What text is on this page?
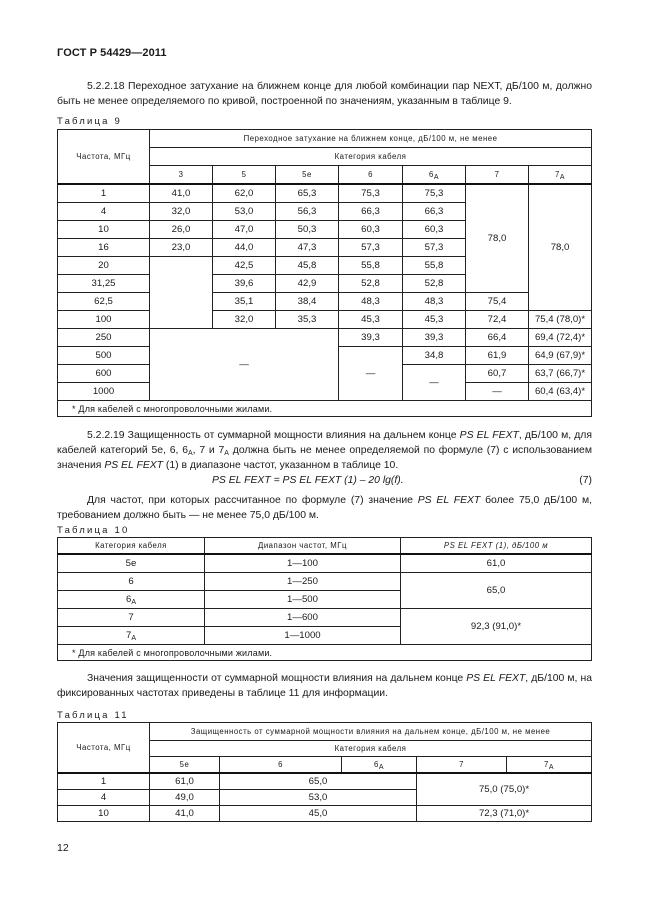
ГОСТ Р 54429—2011

5.2.2.18 Переходное затухание на ближнем конце для любой комбинации пар NEXT, дБ/100 м, должно быть не менее определяемого по кривой, построенной по значениям, указанным в таблице 9.

Таблица 9
Частота, МГц	Переходное затухание на ближнем конце, дБ/100 м, не менее						
	Категория кабеля						
	3	5	5e	6	$6_A$	7	$7_A$
1	41,0	62,0	65,3	75,3	75,3	78,0	78,0
4	32,0	53,0	56,3	66,3	66,3		
10	26,0	47,0	50,3	60,3	60,3		
16	23,0	44,0	47,3	57,3	57,3		
20		42,5	45,8	55,8	55,8		
31,25		39,6	42,9	52,8	52,8		
62,5		35,1	38,4	48,3	48,3	75,4	
100		32,0	35,3	45,3	45,3	72,4	75,4 (78,0)*
250	—			39,3	39,3	66,4	69,4 (72,4)*
500				—	34,8	61,9	64,9 (67,9)*
600					—	60,7	63,7 (66,7)*
1000						—	60,4 (63,4)*
* Для кабелей с многопроволочными жилами.							

5.2.2.19 Защищенность от суммарной мощности влияния на дальнем конце PS EL FEXT, дБ/100 м, для кабелей категорий 5е, 6, $6_A$, 7 и $7_A$ должна быть не менее определяемой по формуле (7) с использованием значения PS EL FEXT (1) в диапазоне частот, указанном в таблице 10.

PS EL FEXT = PS EL FEXT (1) – 20 lg(f).	(7)

Для частот, при которых рассчитанное по формуле (7) значение PS EL FEXT более 75,0 дБ/100 м, требованием должно быть — не менее 75,0 дБ/100 м.

Таблица 10
Категория кабеля	Диапазон частот, МГц	PS EL FEXT (1), дБ/100 м
5e	1—100	61,0
6	1—250	65,0
$6_A$	1—500	
7	1—600	92,3 (91,0)*
$7_A$	1—1000	
* Для кабелей с многопроволочными жилами.		

Значения защищенности от суммарной мощности влияния на дальнем конце PS EL FEXT, дБ/100 м, на фиксированных частотах приведены в таблице 11 для информации.

Таблица 11
Частота, МГц	Защищенность от суммарной мощности влияния на дальнем конце, дБ/100 м, не менее				
	Категория кабеля				
	5e	6	$6_A$	7	$7_A$
1	61,0	65,0		75,0 (75,0)*	
4	49,0	53,0			
10	41,0	45,0		72,3 (71,0)*	
12
